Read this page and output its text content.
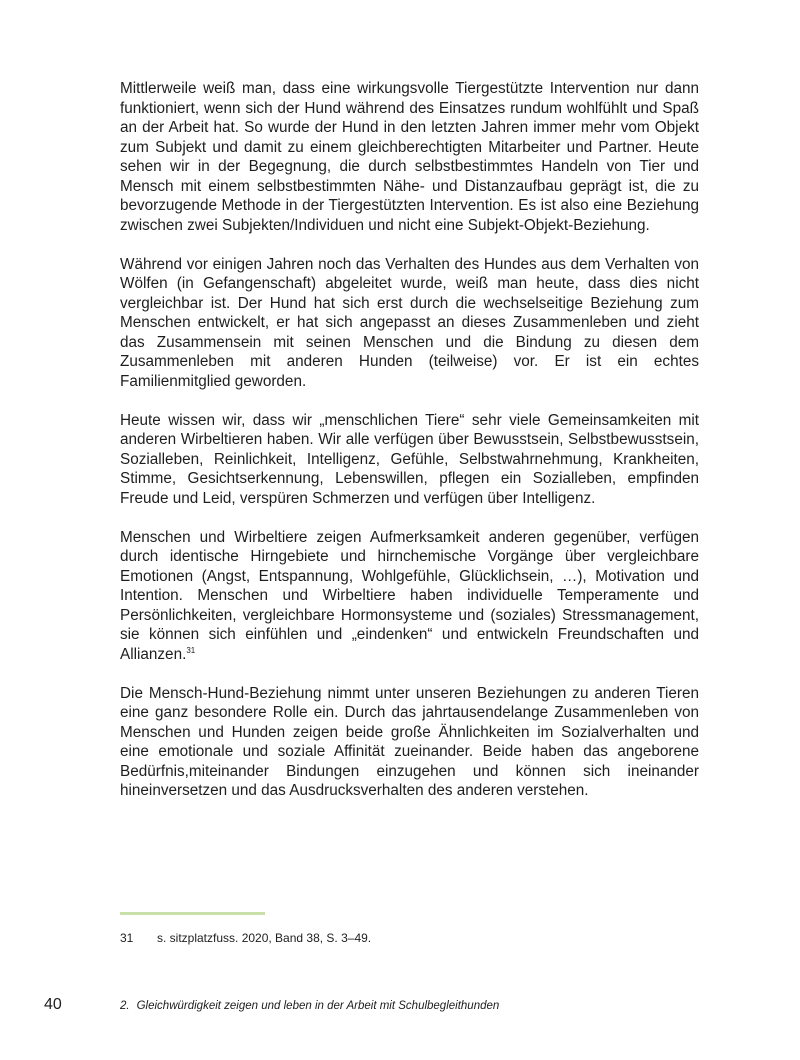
Mittlerweile weiß man, dass eine wirkungsvolle Tiergestützte Intervention nur dann funktioniert, wenn sich der Hund während des Einsatzes rundum wohlfühlt und Spaß an der Arbeit hat. So wurde der Hund in den letzten Jahren immer mehr vom Objekt zum Subjekt und damit zu einem gleichberechtigten Mitarbeiter und Partner. Heute sehen wir in der Begegnung, die durch selbstbestimmtes Handeln von Tier und Mensch mit einem selbstbestimmten Nähe- und Distanzaufbau geprägt ist, die zu bevorzugende Methode in der Tiergestützten Intervention. Es ist also eine Beziehung zwischen zwei Subjekten/Individuen und nicht eine Subjekt-Objekt-Beziehung.

Während vor einigen Jahren noch das Verhalten des Hundes aus dem Verhalten von Wölfen (in Gefangenschaft) abgeleitet wurde, weiß man heute, dass dies nicht vergleichbar ist. Der Hund hat sich erst durch die wechselseitige Beziehung zum Menschen entwickelt, er hat sich angepasst an dieses Zusammenleben und zieht das Zusammensein mit seinen Menschen und die Bindung zu diesen dem Zusammenleben mit anderen Hunden (teilweise) vor. Er ist ein echtes Familienmitglied geworden.

Heute wissen wir, dass wir „menschlichen Tiere“ sehr viele Gemeinsamkeiten mit anderen Wirbeltieren haben. Wir alle verfügen über Bewusstsein, Selbstbewusstsein, Sozialleben, Reinlichkeit, Intelligenz, Gefühle, Selbstwahrnehmung, Krankheiten, Stimme, Gesichtserkennung, Lebenswillen, pflegen ein Sozialleben, empfinden Freude und Leid, verspüren Schmerzen und verfügen über Intelligenz.

Menschen und Wirbeltiere zeigen Aufmerksamkeit anderen gegenüber, verfügen durch identische Hirngebiete und hirnchemische Vorgänge über vergleichbare Emotionen (Angst, Entspannung, Wohlgefühle, Glücklichsein, …), Motivation und Intention. Menschen und Wirbeltiere haben individuelle Temperamente und Persönlichkeiten, vergleichbare Hormonsysteme und (soziales) Stressmanagement, sie können sich einfühlen und „eindenken“ und entwickeln Freundschaften und Allianzen.$^{31}$

Die Mensch-Hund-Beziehung nimmt unter unseren Beziehungen zu anderen Tieren eine ganz besondere Rolle ein. Durch das jahrtausendelange Zusammenleben von Menschen und Hunden zeigen beide große Ähnlichkeiten im Sozialverhalten und eine emotionale und soziale Affinität zueinander. Beide haben das angeborene Bedürfnis,miteinander Bindungen einzugehen und können sich ineinander hineinversetzen und das Ausdrucksverhalten des anderen verstehen.

31 s. sitzplatzfuss. 2020, Band 38, S. 3–49.
40	2. Gleichwürdigkeit zeigen und leben in der Arbeit mit Schulbegleithunden
